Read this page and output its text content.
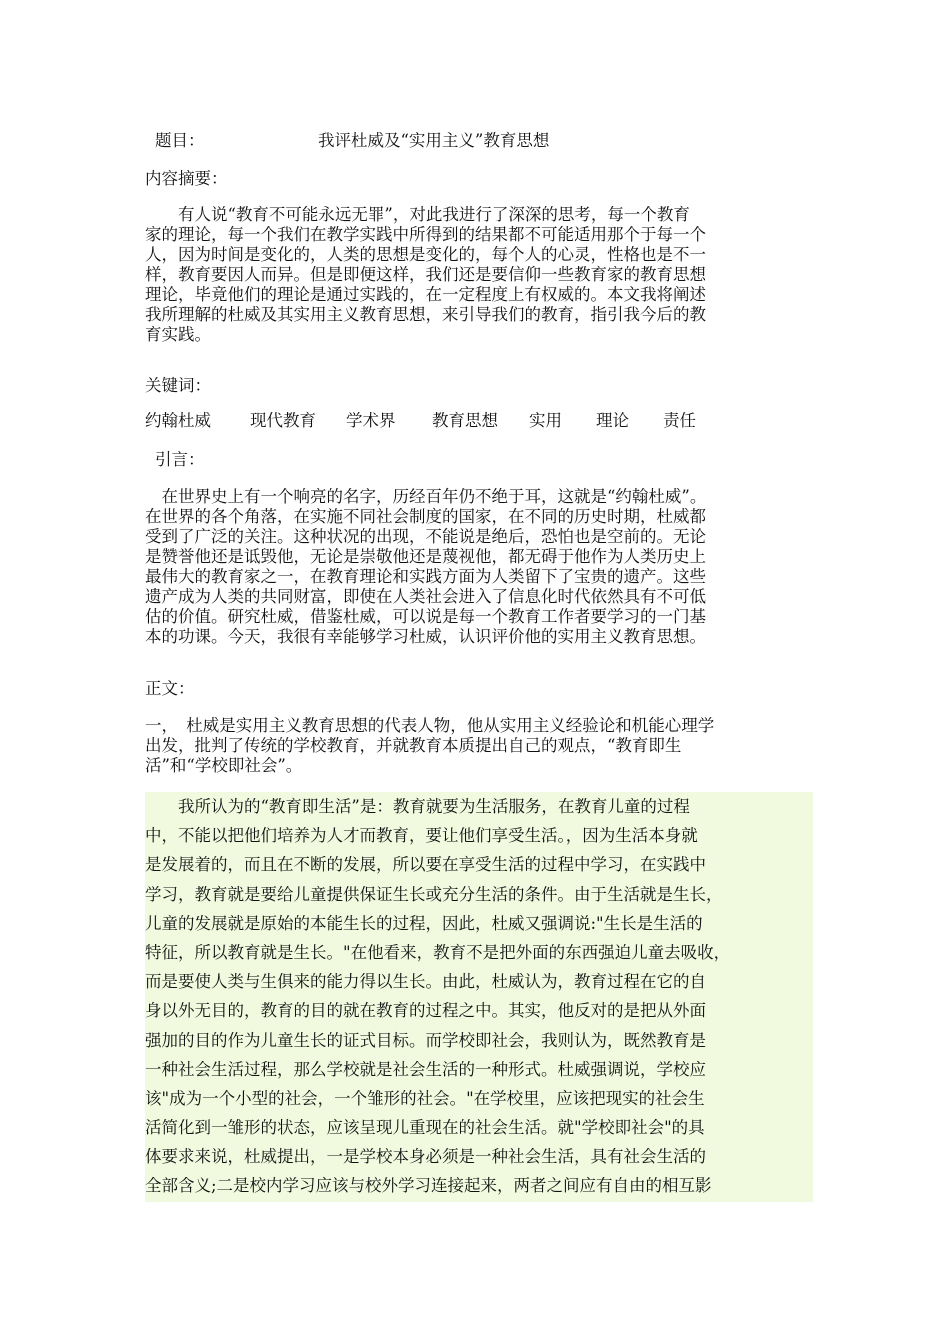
题目：	我评杜威及“实用主义”教育思想
内容摘要：
　　有人说“教育不可能永远无罪”，对此我进行了深深的思考，每一个教育
家的理论，每一个我们在教学实践中所得到的结果都不可能适用那个于每一个
人，因为时间是变化的，人类的思想是变化的，每个人的心灵，性格也是不一
样，教育要因人而异。但是即便这样，我们还是要信仰一些教育家的教育思想
理论，毕竟他们的理论是通过实践的，在一定程度上有权威的。本文我将阐述
我所理解的杜威及其实用主义教育思想，来引导我们的教育，指引我今后的教
育实践。
关键词：
约翰杜威 现代教育 学术界 教育思想 实用 理论 责任
引言：
　在世界史上有一个响亮的名字，历经百年仍不绝于耳，这就是“约翰杜威”。
在世界的各个角落，在实施不同社会制度的国家，在不同的历史时期，杜威都
受到了广泛的关注。这种状况的出现，不能说是绝后，恐怕也是空前的。无论
是赞誉他还是诋毁他，无论是崇敬他还是蔑视他，都无碍于他作为人类历史上
最伟大的教育家之一，在教育理论和实践方面为人类留下了宝贵的遗产。这些
遗产成为人类的共同财富，即使在人类社会进入了信息化时代依然具有不可低
估的价值。研究杜威，借鉴杜威，可以说是每一个教育工作者要学习的一门基
本的功课。今天，我很有幸能够学习杜威，认识评价他的实用主义教育思想。
正文：
一，　杜威是实用主义教育思想的代表人物，他从实用主义经验论和机能心理学
出发，批判了传统的学校教育，并就教育本质提出自己的观点，“教育即生
活”和“学校即社会”。
　　我所认为的“教育即生活”是：教育就要为生活服务，在教育儿童的过程
中，不能以把他们培养为人才而教育，要让他们享受生活。，因为生活本身就
是发展着的，而且在不断的发展，所以要在享受生活的过程中学习，在实践中
学习，教育就是要给儿童提供保证生长或充分生活的条件。由于生活就是生长，
儿童的发展就是原始的本能生长的过程，因此，杜威又强调说:"生长是生活的
特征，所以教育就是生长。"在他看来，教育不是把外面的东西强迫儿童去吸收，
而是要使人类与生俱来的能力得以生长。由此，杜威认为，教育过程在它的自
身以外无目的，教育的目的就在教育的过程之中。其实，他反对的是把从外面
强加的目的作为儿童生长的证式目标。而学校即社会，我则认为，既然教育是
一种社会生活过程，那么学校就是社会生活的一种形式。杜威强调说，学校应
该"成为一个小型的社会，一个雏形的社会。"在学校里，应该把现实的社会生
活简化到一雏形的状态，应该呈现儿重现在的社会生活。就"学校即社会"的具
体要求来说，杜威提出，一是学校本身必须是一种社会生活，具有社会生活的
全部含义;二是校内学习应该与校外学习连接起来，两者之间应有自由的相互影
